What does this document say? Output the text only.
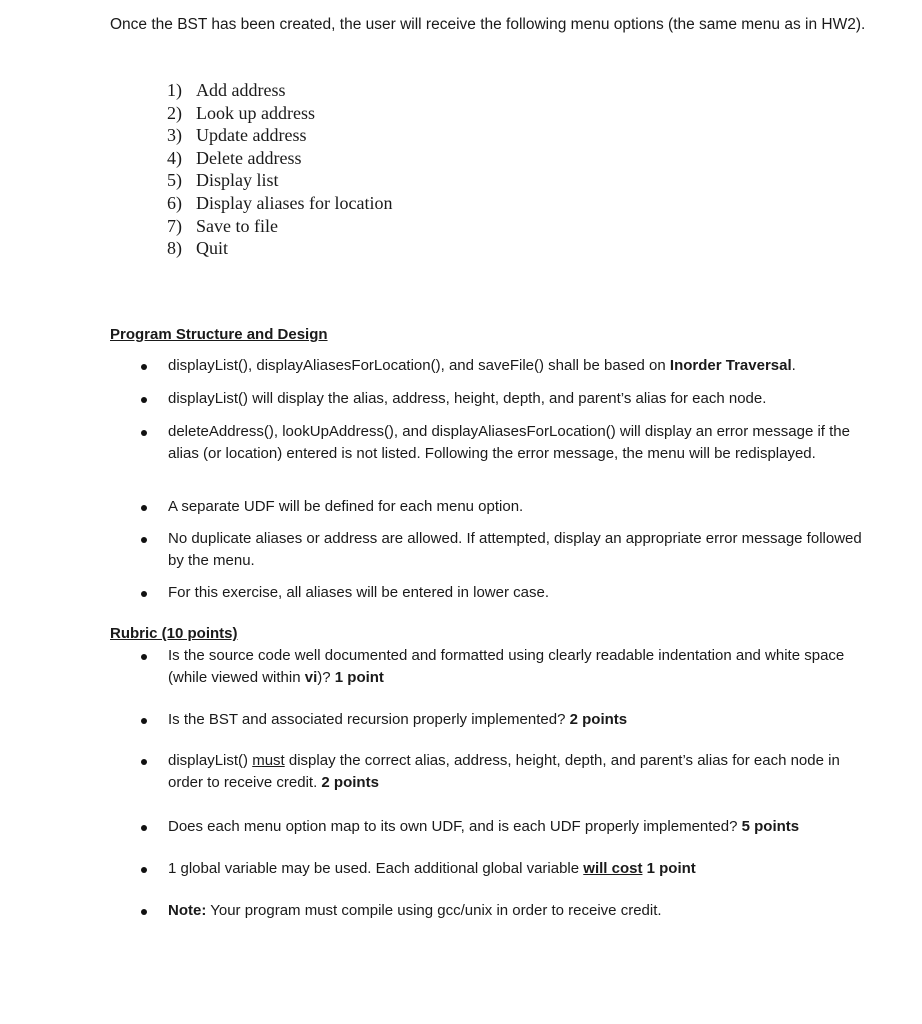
Once the BST has been created, the user will receive the following menu options (the same menu as in HW2).
1) Add address
2) Look up address
3) Update address
4) Delete address
5) Display list
6) Display aliases for location
7) Save to file
8) Quit
Program Structure and Design
displayList(), displayAliasesForLocation(), and saveFile() shall be based on Inorder Traversal.
displayList() will display the alias, address, height, depth, and parent’s alias for each node.
deleteAddress(), lookUpAddress(), and displayAliasesForLocation() will display an error message if the alias (or location) entered is not listed. Following the error message, the menu will be redisplayed.
A separate UDF will be defined for each menu option.
No duplicate aliases or address are allowed. If attempted, display an appropriate error message followed by the menu.
For this exercise, all aliases will be entered in lower case.
Rubric (10 points)
Is the source code well documented and formatted using clearly readable indentation and white space (while viewed within vi)? 1 point
Is the BST and associated recursion properly implemented? 2 points
displayList() must display the correct alias, address, height, depth, and parent’s alias for each node in order to receive credit. 2 points
Does each menu option map to its own UDF, and is each UDF properly implemented? 5 points
1 global variable may be used. Each additional global variable will cost 1 point
Note: Your program must compile using gcc/unix in order to receive credit.
